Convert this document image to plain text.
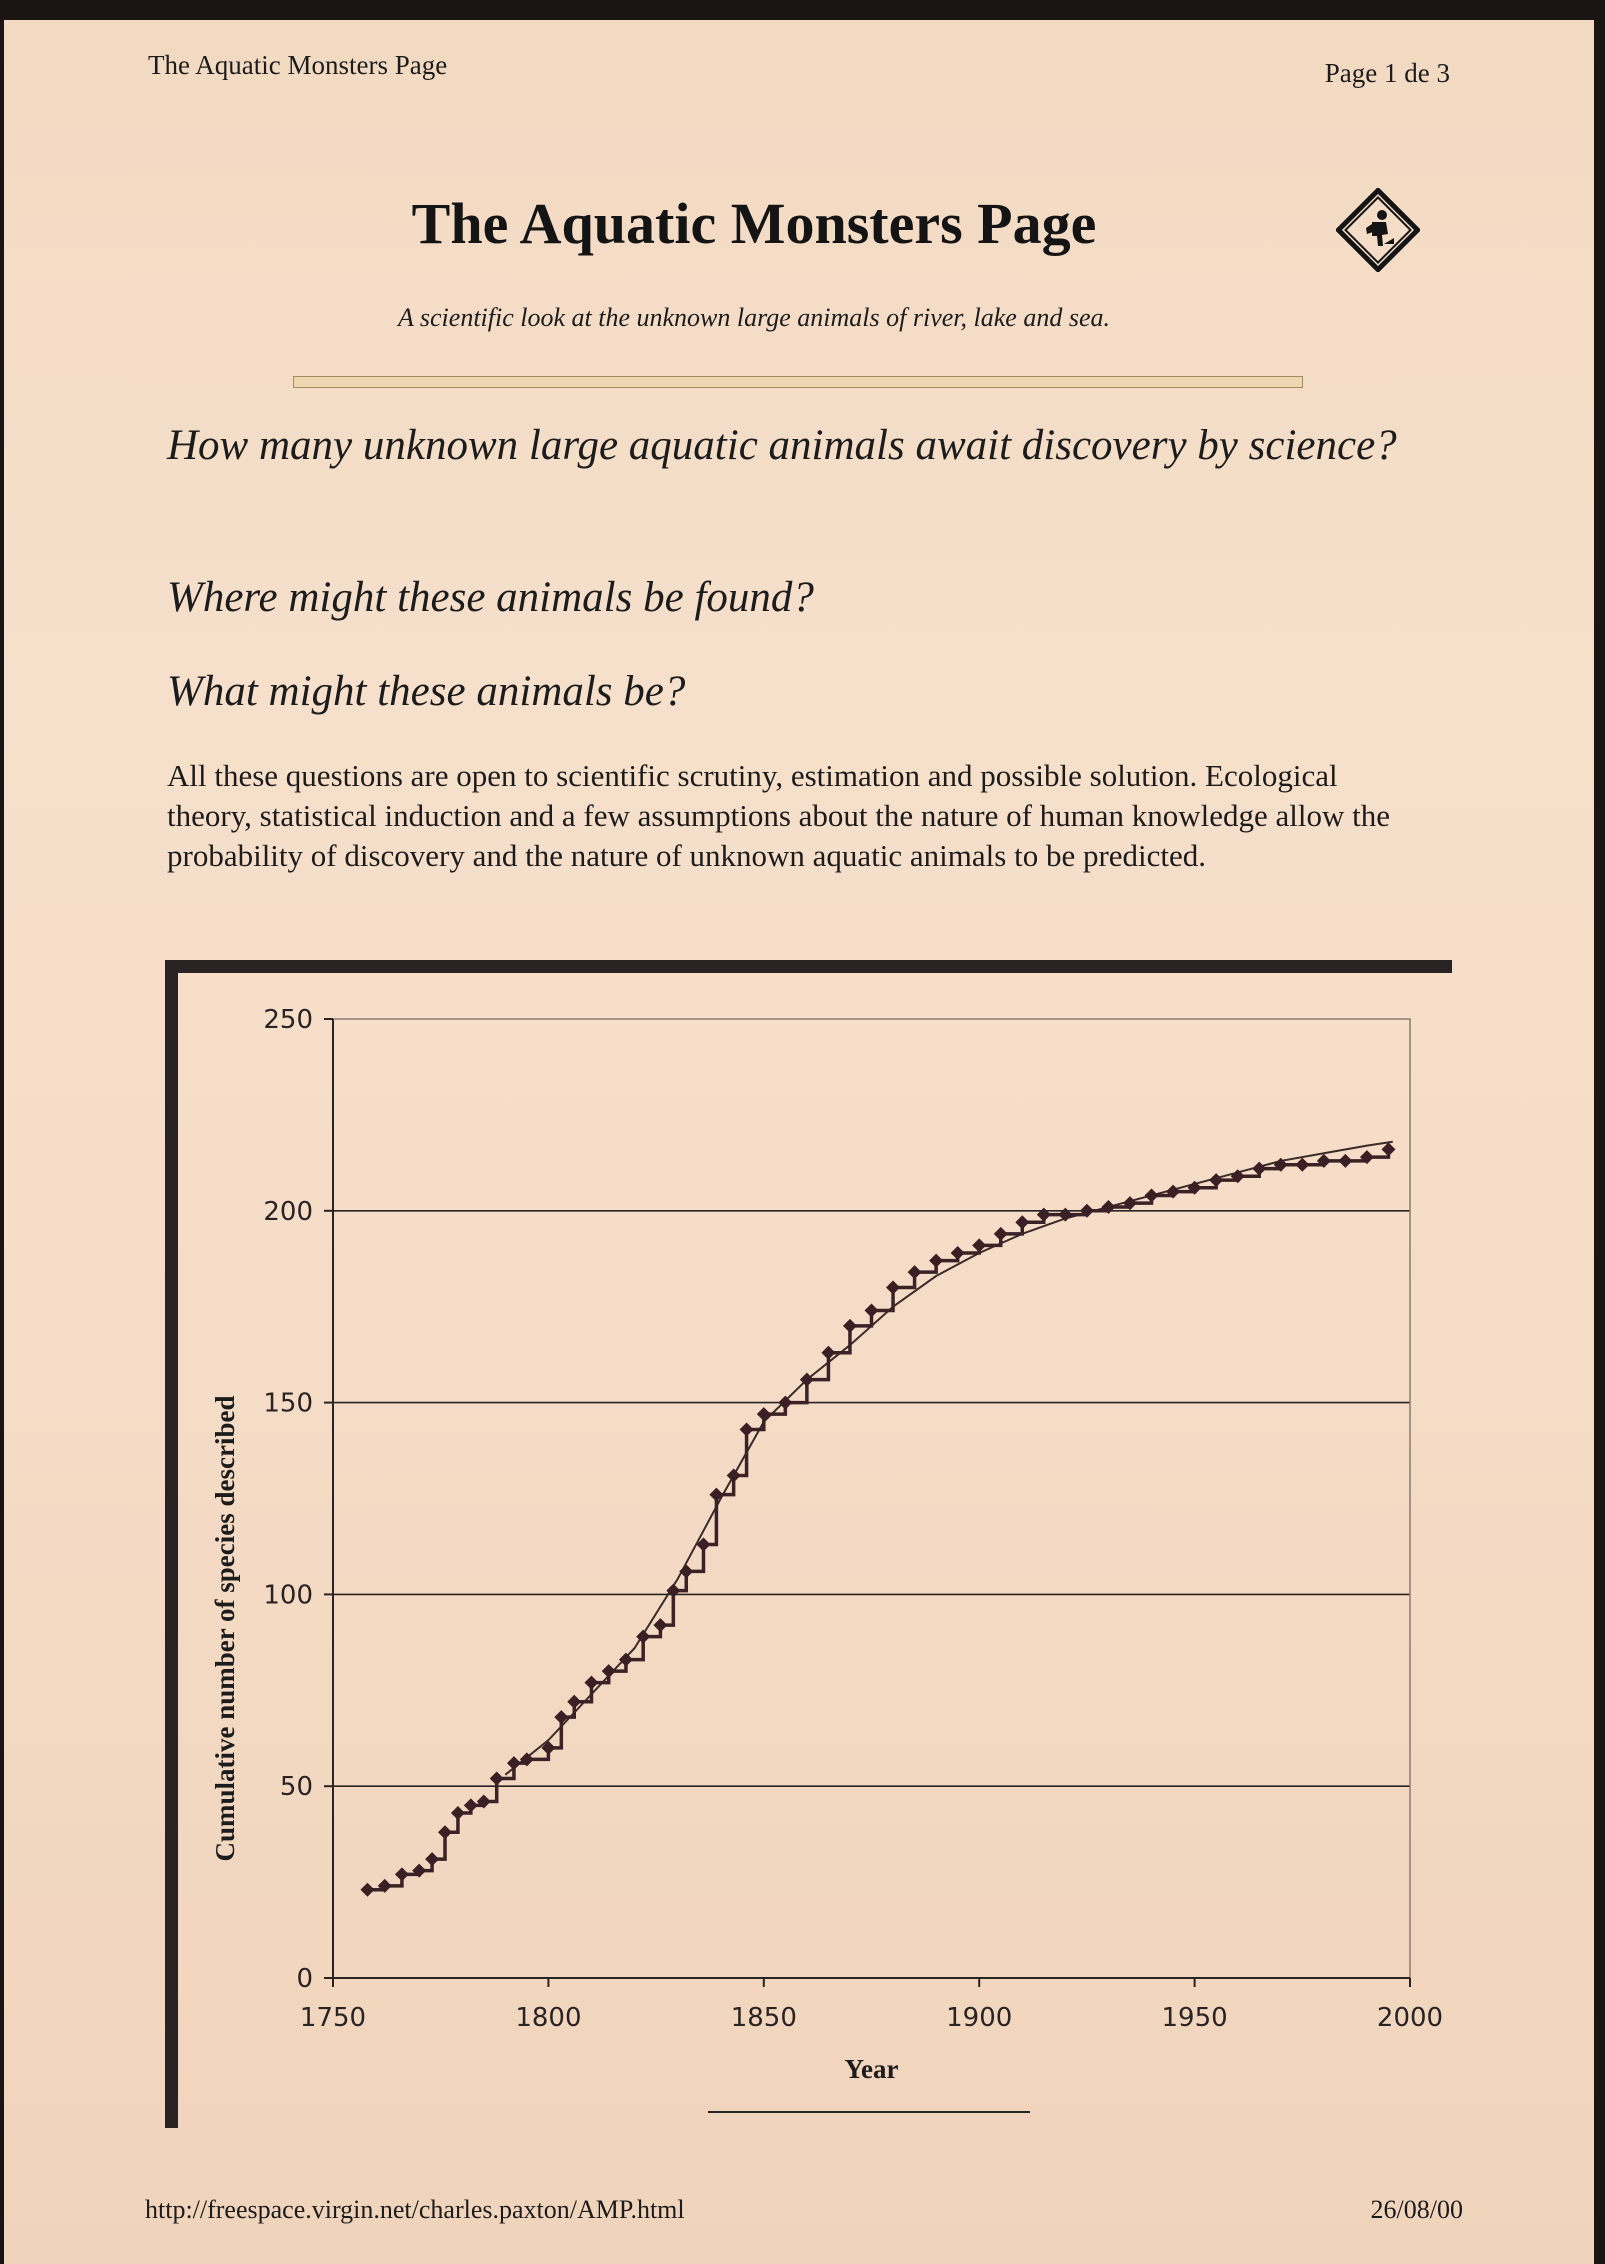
The Aquatic Monsters Page	Page 1 de 3
The Aquatic Monsters Page
A scientific look at the unknown large animals of river, lake and sea.
How many unknown large aquatic animals await discovery by science?
Where might these animals be found?
What might these animals be?
All these questions are open to scientific scrutiny, estimation and possible solution. Ecological theory, statistical induction and a few assumptions about the nature of human knowledge allow the probability of discovery and the nature of unknown aquatic animals to be predicted.
0
50
100
150
200
250
1750	1800	1850	1900	1950	2000
Year
Cumulative number of species described
http://freespace.virgin.net/charles.paxton/AMP.html	26/08/00
